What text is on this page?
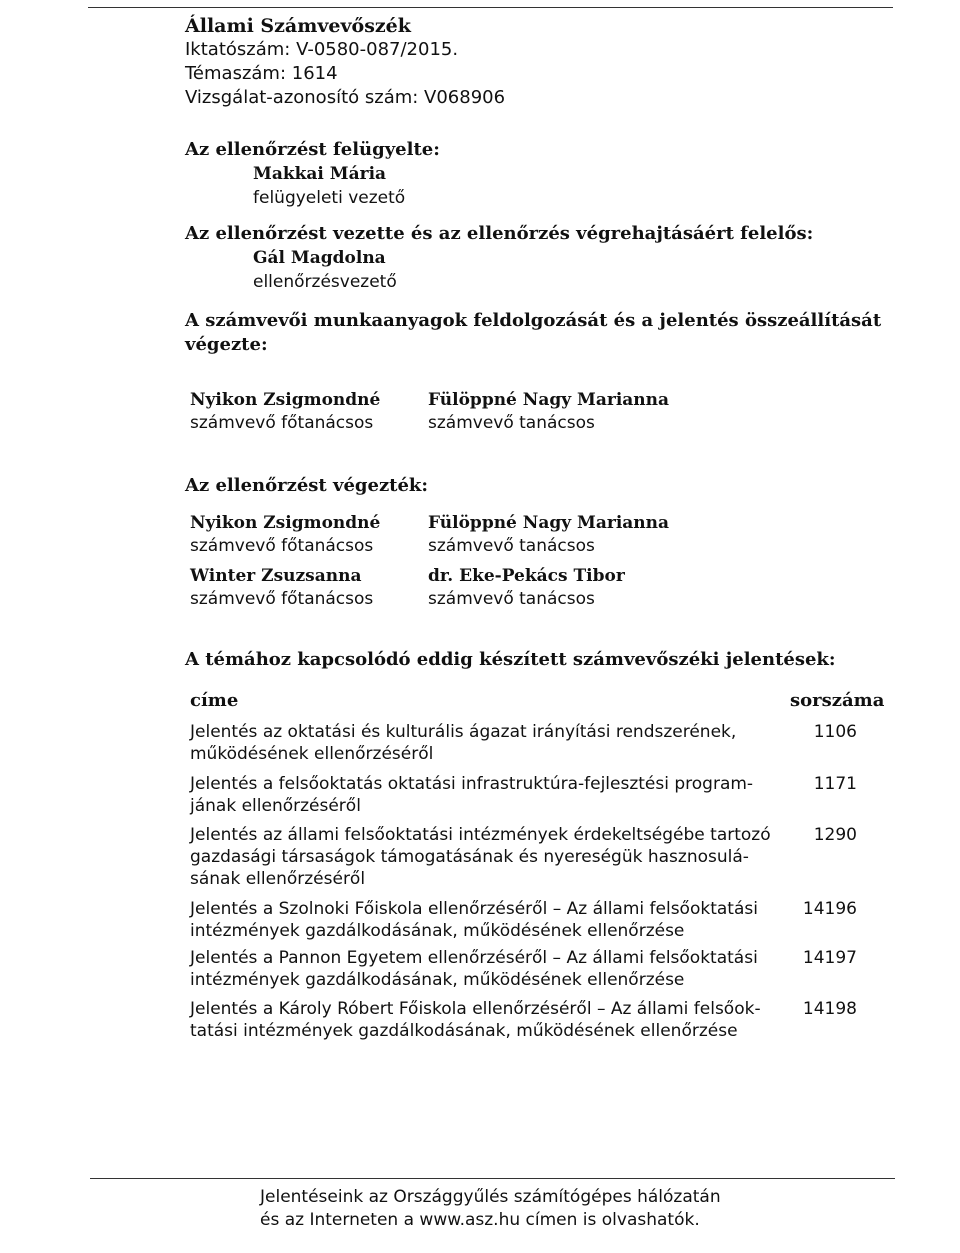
Állami Számvevőszék

Iktatószám: V-0580-087/2015.

Témaszám: 1614

Vizsgálat-azonosító szám: V068906

Az ellenőrzést felügyelte:

Makkai Mária

felügyeleti vezető

Az ellenőrzést vezette és az ellenőrzés végrehajtásáért felelős:

Gál Magdolna

ellenőrzésvezető

A számvevői munkaanyagok feldolgozását és a jelentés összeállítását

végezte:

Nyikon Zsigmondné

számvevő főtanácsos

Fülöppné Nagy Marianna

számvevő tanácsos

Az ellenőrzést végezték:

Nyikon Zsigmondné

számvevő főtanácsos

Fülöppné Nagy Marianna

számvevő tanácsos

Winter Zsuzsanna

számvevő főtanácsos

dr. Eke-Pekács Tibor

számvevő tanácsos

A témához kapcsolódó eddig készített számvevőszéki jelentések:

címe	sorszáma

Jelentés az oktatási és kulturális ágazat irányítási rendszerének,

működésének ellenőrzéséről

1106

Jelentés a felsőoktatás oktatási infrastruktúra-fejlesztési program-

jának ellenőrzéséről

1171

Jelentés az állami felsőoktatási intézmények érdekeltségébe tartozó

gazdasági társaságok támogatásának és nyereségük hasznosulá-

sának ellenőrzéséről

1290

Jelentés a Szolnoki Főiskola ellenőrzéséről – Az állami felsőoktatási

intézmények gazdálkodásának, működésének ellenőrzése

14196

Jelentés a Pannon Egyetem ellenőrzéséről – Az állami felsőoktatási

intézmények gazdálkodásának, működésének ellenőrzése

14197

Jelentés a Károly Róbert Főiskola ellenőrzéséről – Az állami felsőok-

tatási intézmények gazdálkodásának, működésének ellenőrzése

14198

Jelentéseink az Országgyűlés számítógépes hálózatán

és az Interneten a www.asz.hu címen is olvashatók.
